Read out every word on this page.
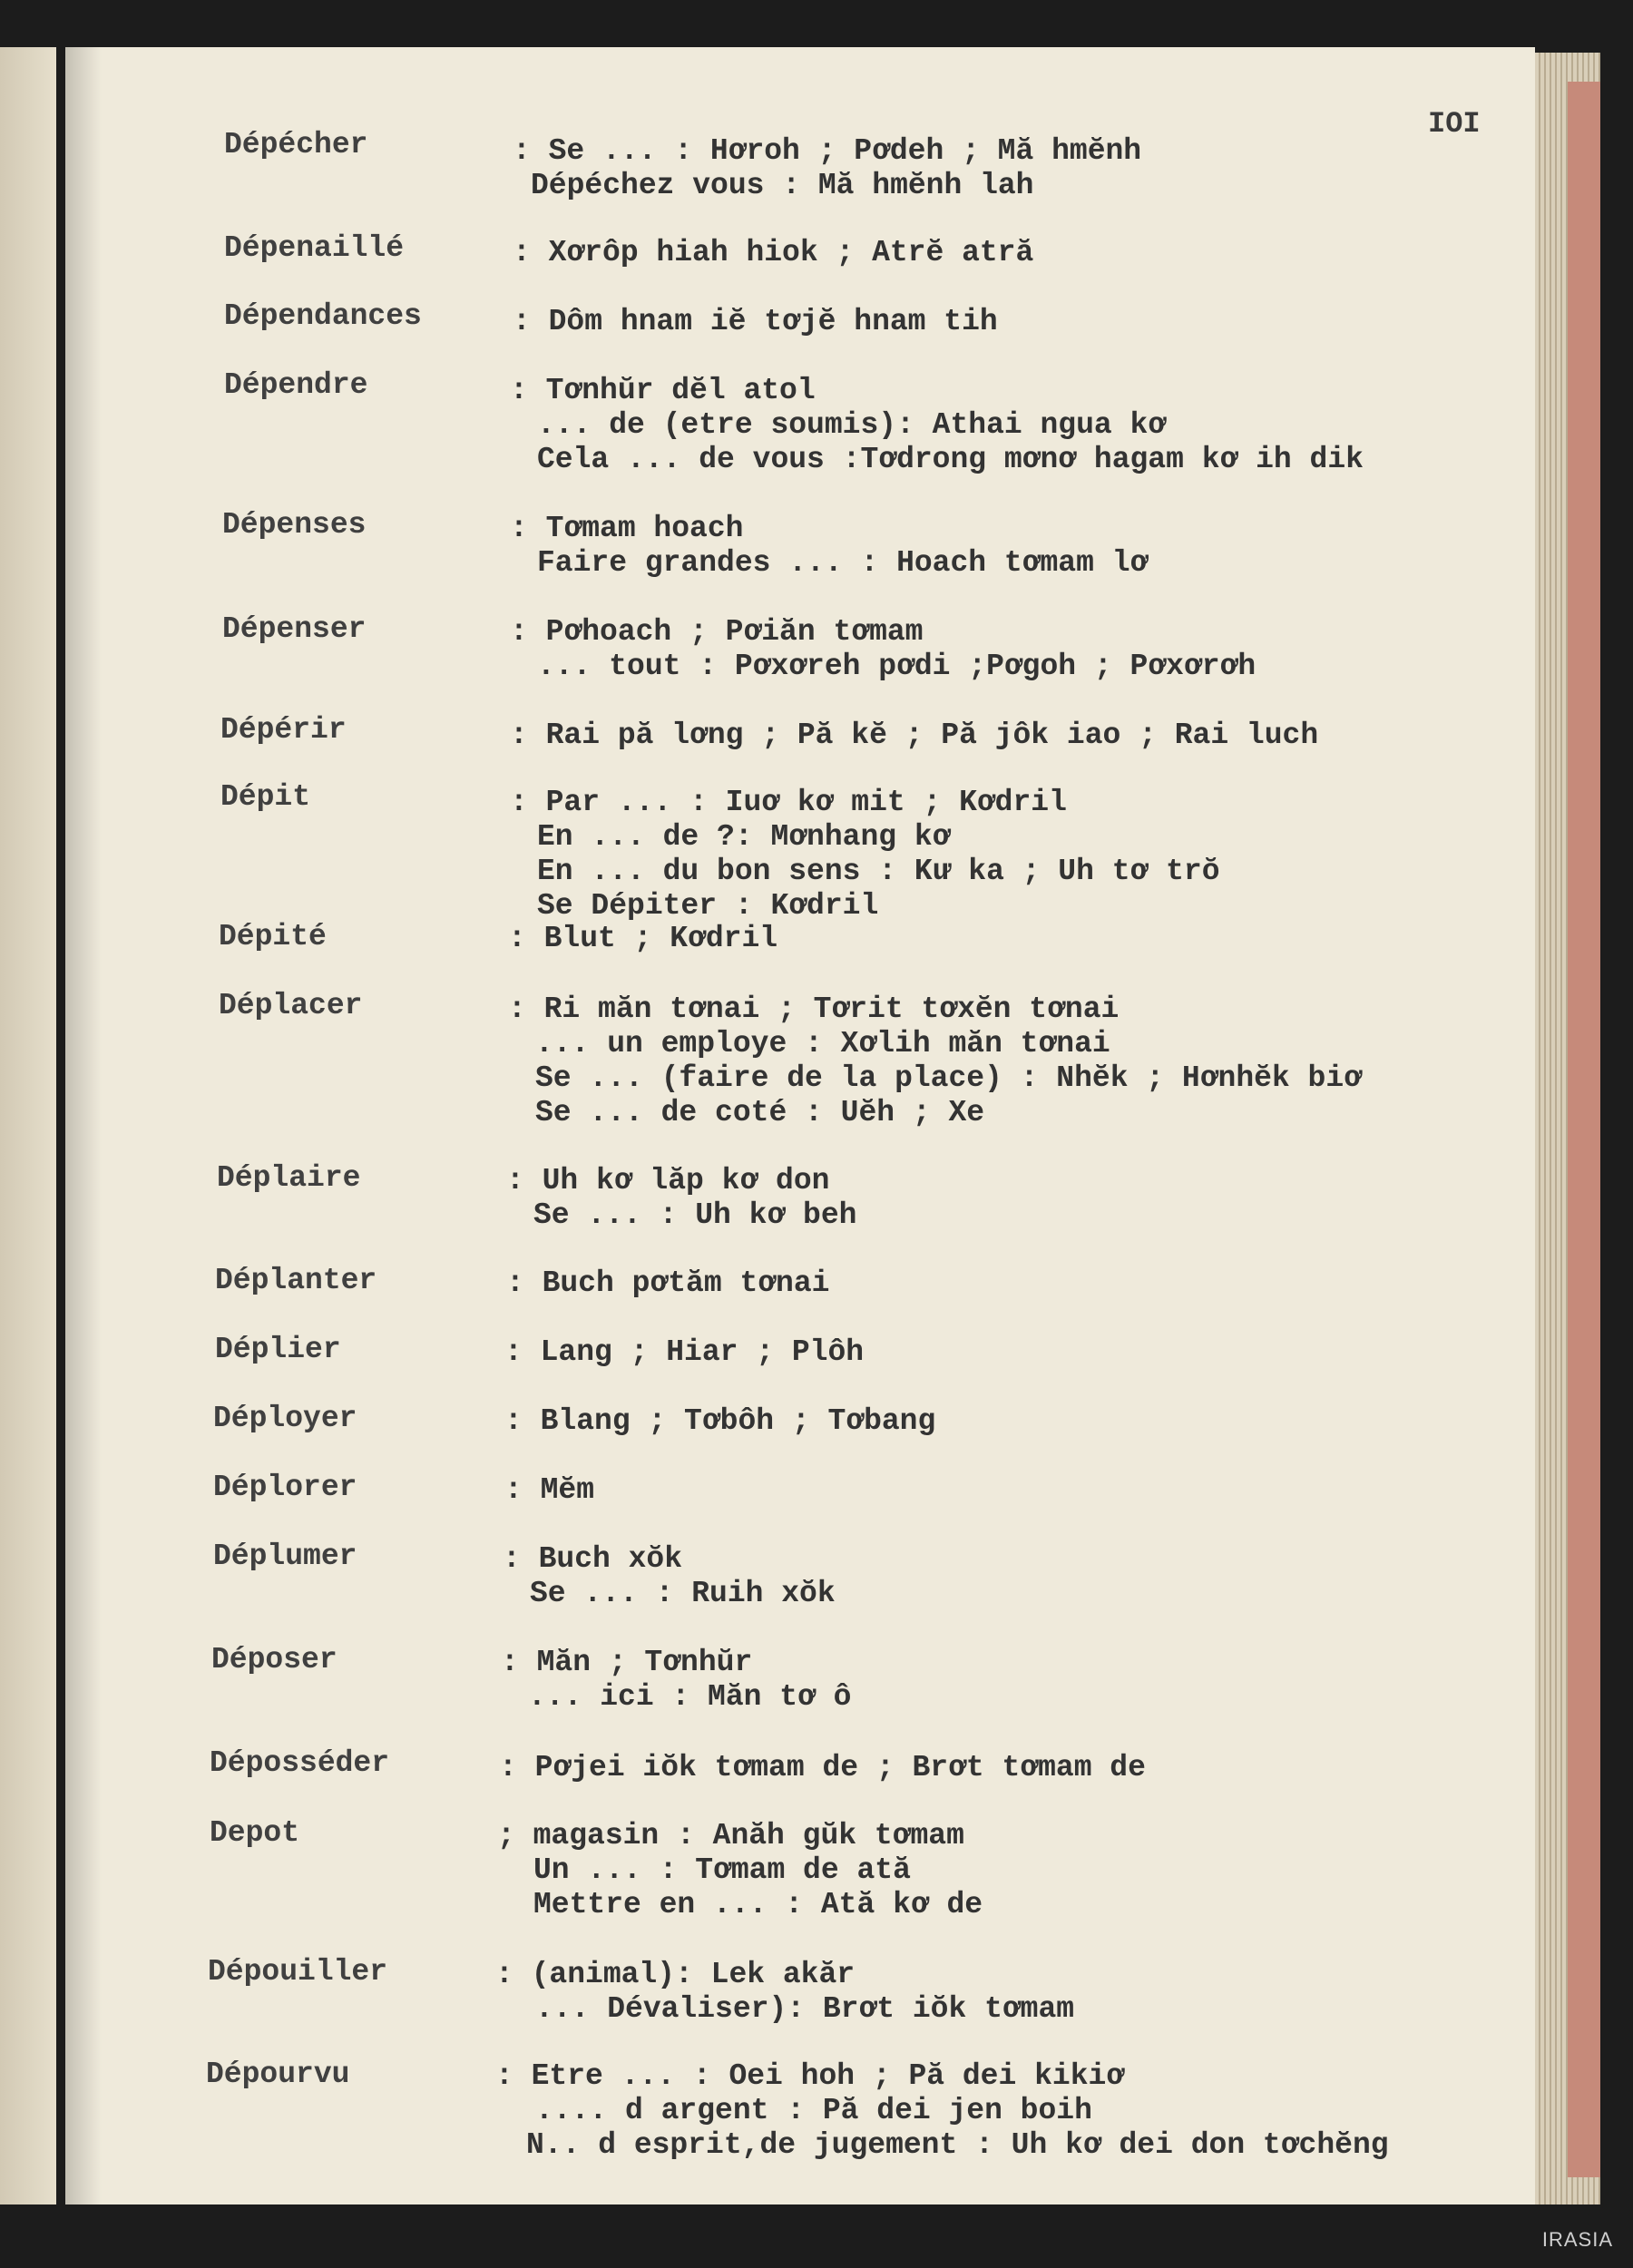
IOI
Dépécher	: Se ... : Hơroh ; Pơdeh ; Mă hmĕnh
Dépéchez vous : Mă hmĕnh lah
Dépenaillé	: Xơrôp hiah hiok ; Atrĕ atră
Dépendances	: Dôm hnam iĕ tơjĕ hnam tih
Dépendre	: Tơnhŭr dĕl atol
... de (etre soumis): Athai ngua kơ
Cela ... de vous :Tơdrong mơnơ hagam kơ ih dik
Dépenses	: Tơmam hoach
Faire grandes ... : Hoach tơmam lơ
Dépenser	: Pơhoach ; Pơiăn tơmam
... tout : Pơxơreh pơdi ;Pơgoh ; Pơxơrơh
Dépérir	: Rai pă lơng ; Pă kĕ ; Pă jôk iao ; Rai luch
Dépit	: Par ... : Iuơ kơ mit ; Kơdril
En ... de ?: Mơnhang kơ
En ... du bon sens : Kư ka ; Uh tơ trŏ
Se Dépiter : Kơdril
Dépité	: Blut ; Kơdril
Déplacer	: Ri măn tơnai ; Tơrit tơxĕn tơnai
... un employe : Xơlih măn tơnai
Se ... (faire de la place) : Nhĕk ; Hơnhĕk biơ
Se ... de coté : Uĕh ; Xe
Déplaire	: Uh kơ lăp kơ don
Se ... : Uh kơ beh
Déplanter	: Buch pơtăm tơnai
Déplier	: Lang ; Hiar ; Plôh
Déployer	: Blang ; Tơbôh ; Tơbang
Déplorer	: Mĕm
Déplumer	: Buch xŏk
Se ... : Ruih xŏk
Déposer	: Măn ; Tơnhŭr
... ici : Măn tơ ô
Déposséder	: Pơjei iŏk tơmam de ; Brơt tơmam de
Depot	; magasin : Anăh gŭk tơmam
Un ... : Tơmam de ată
Mettre en ... : Ată kơ de
Dépouiller	: (animal): Lek akăr
... Dévaliser): Brơt iŏk tơmam
Dépourvu	: Etre ... : Oei hoh ; Pă dei kikiơ
.... d argent : Pă dei jen boih
N.. d esprit,de jugement : Uh kơ dei don tơchĕng
IRASIA
